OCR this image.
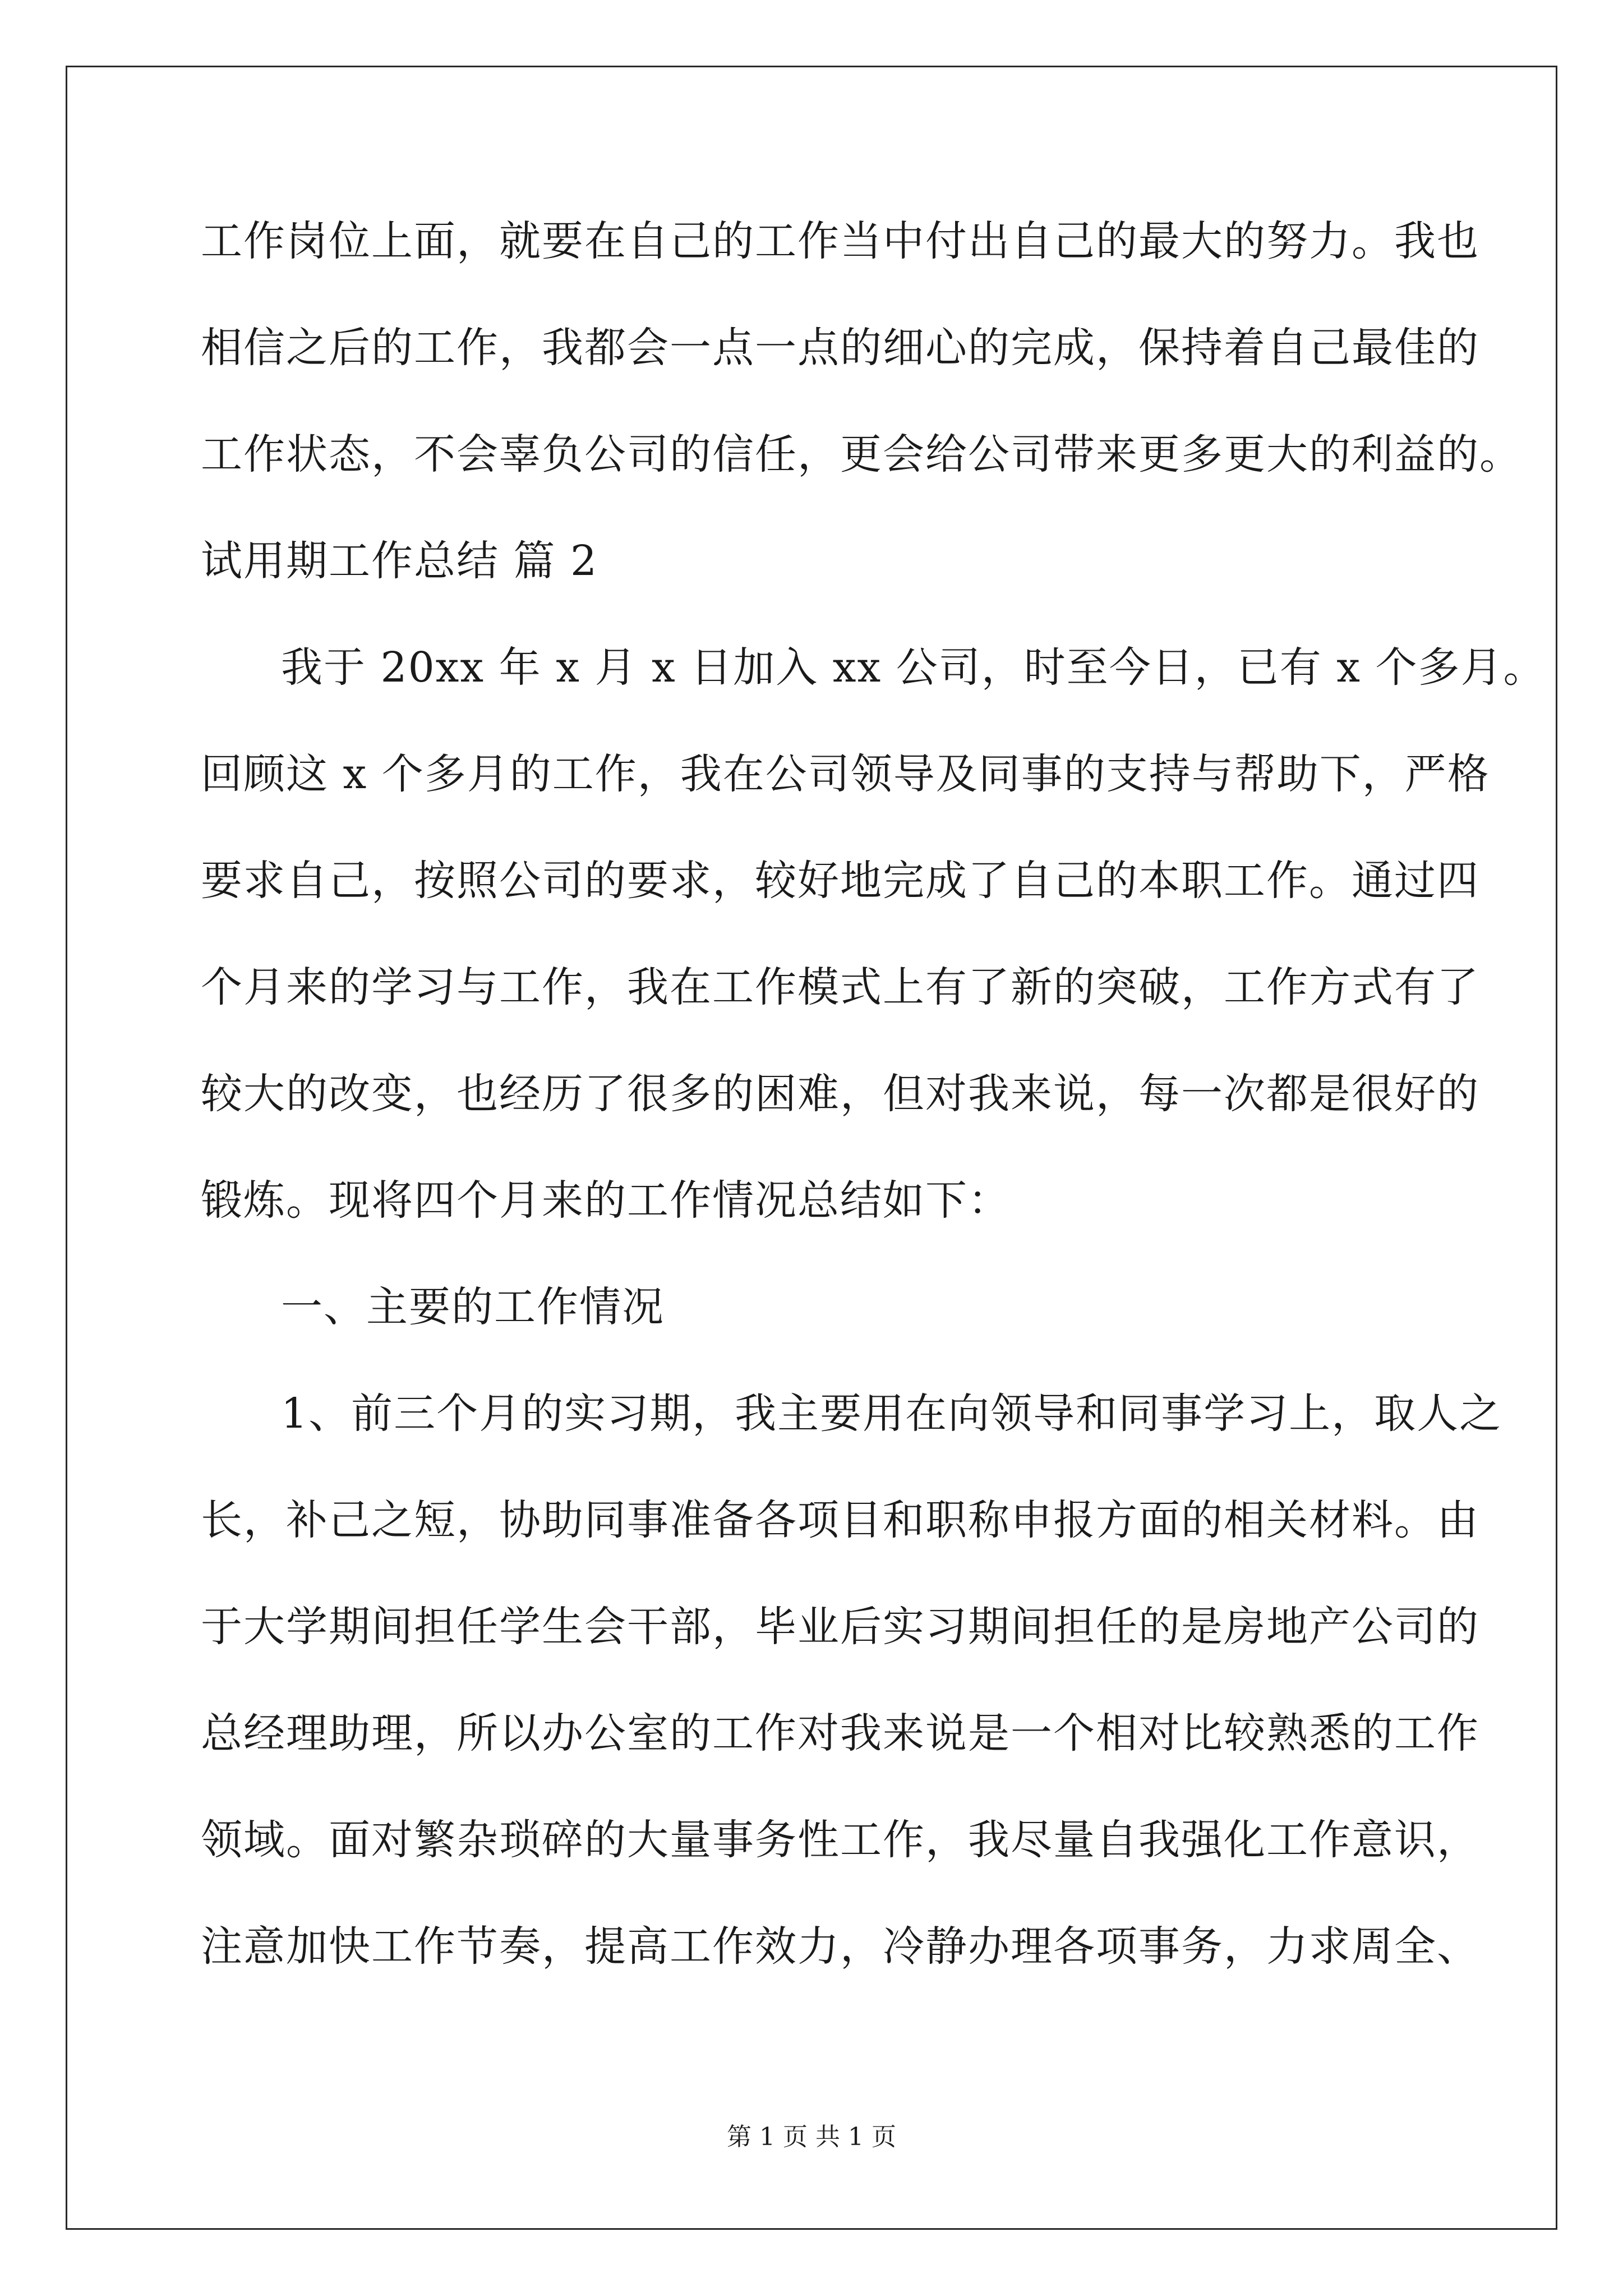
工作岗位上面，就要在自己的工作当中付出自己的最大的努力。我也
相信之后的工作，我都会一点一点的细心的完成，保持着自己最佳的
工作状态，不会辜负公司的信任，更会给公司带来更多更大的利益的。
试用期工作总结 篇 2
我于 20xx 年 x 月 x 日加入 xx 公司，时至今日，已有 x 个多月。
回顾这 x 个多月的工作，我在公司领导及同事的支持与帮助下，严格
要求自己，按照公司的要求，较好地完成了自己的本职工作。通过四
个月来的学习与工作，我在工作模式上有了新的突破，工作方式有了
较大的改变，也经历了很多的困难，但对我来说，每一次都是很好的
锻炼。现将四个月来的工作情况总结如下：
一、主要的工作情况
1、前三个月的实习期，我主要用在向领导和同事学习上，取人之
长，补己之短，协助同事准备各项目和职称申报方面的相关材料。由
于大学期间担任学生会干部，毕业后实习期间担任的是房地产公司的
总经理助理，所以办公室的工作对我来说是一个相对比较熟悉的工作
领域。面对繁杂琐碎的大量事务性工作，我尽量自我强化工作意识，
注意加快工作节奏，提高工作效力，冷静办理各项事务，力求周全、
第 1 页 共 1 页
